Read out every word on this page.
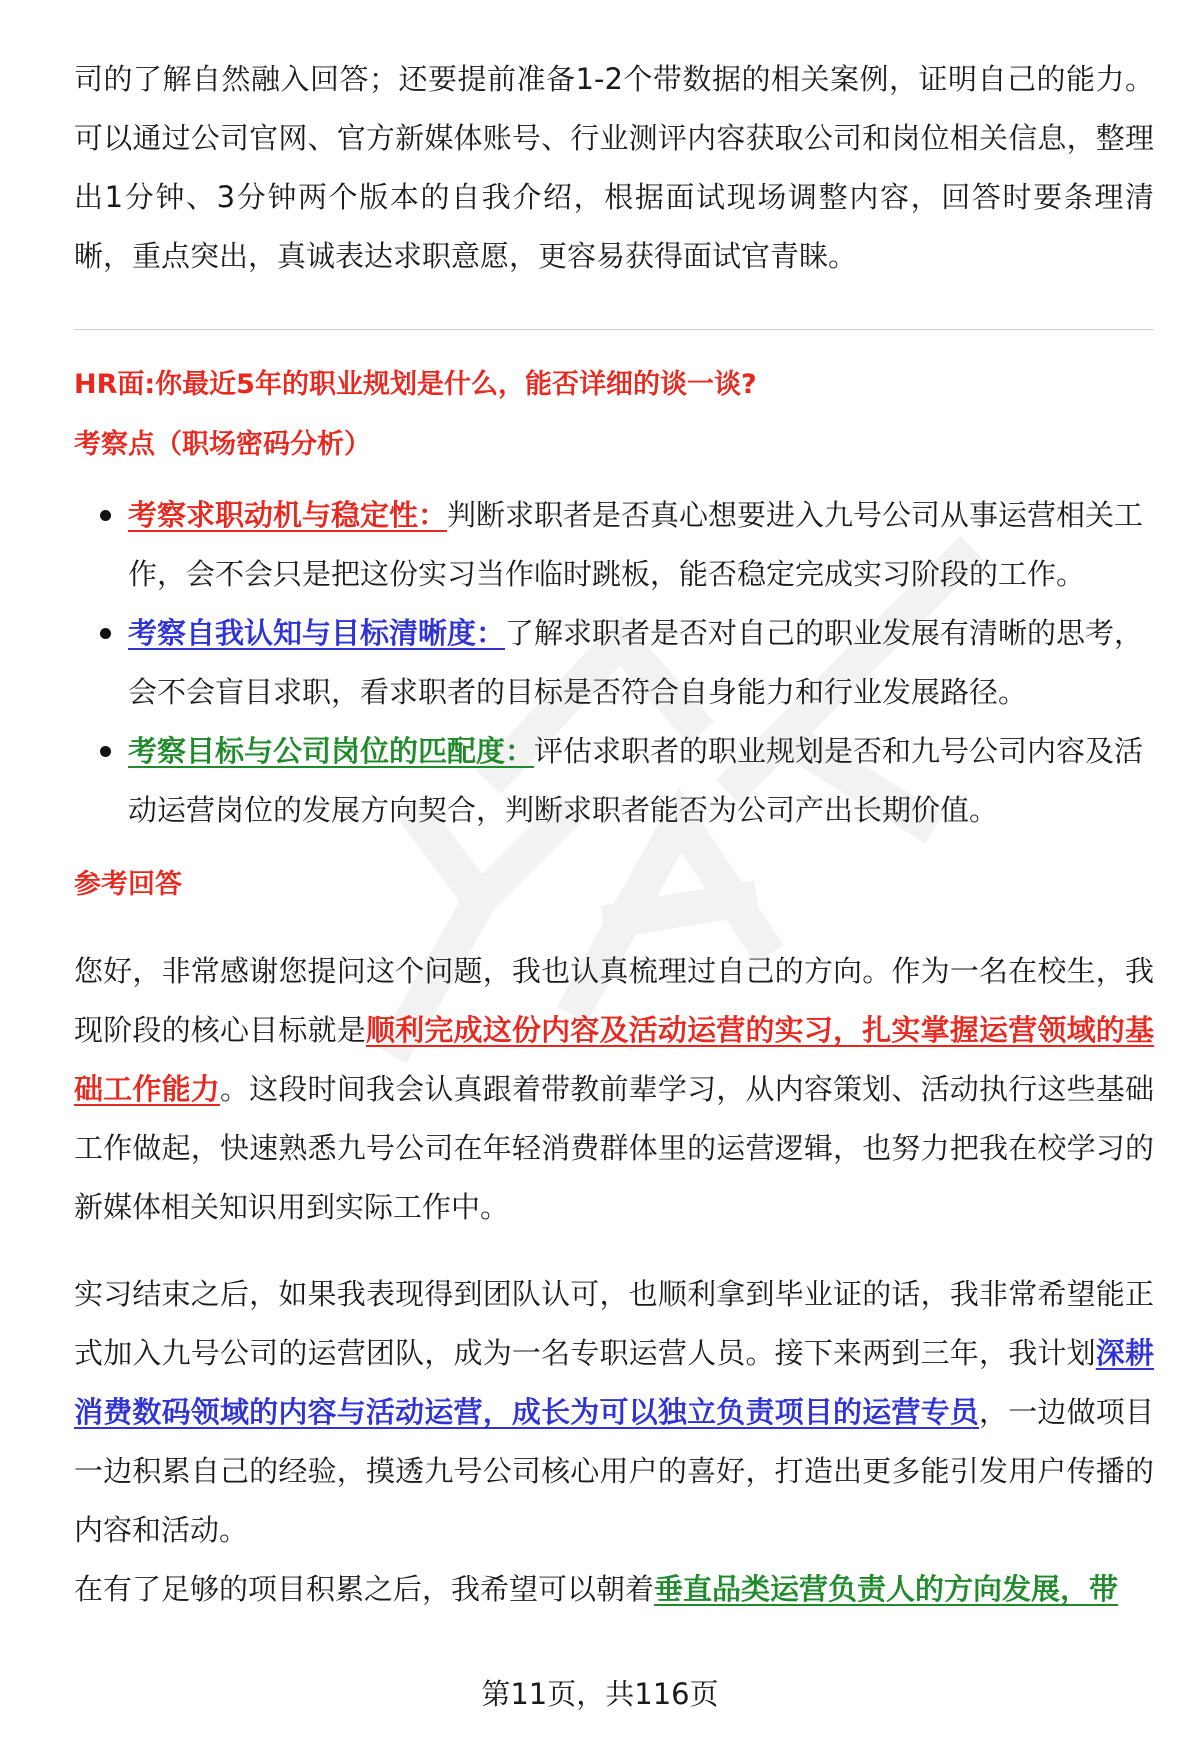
司的了解自然融入回答；还要提前准备1-2个带数据的相关案例，证明自己的能力。可以通过公司官网、官方新媒体账号、行业测评内容获取公司和岗位相关信息，整理出1分钟、3分钟两个版本的自我介绍，根据面试现场调整内容，回答时要条理清晰，重点突出，真诚表达求职意愿，更容易获得面试官青睐。

HR面:你最近5年的职业规划是什么，能否详细的谈一谈?

考察点（职场密码分析）

考察求职动机与稳定性：判断求职者是否真心想要进入九号公司从事运营相关工作，会不会只是把这份实习当作临时跳板，能否稳定完成实习阶段的工作。
考察自我认知与目标清晰度：了解求职者是否对自己的职业发展有清晰的思考，会不会盲目求职，看求职者的目标是否符合自身能力和行业发展路径。
考察目标与公司岗位的匹配度：评估求职者的职业规划是否和九号公司内容及活动运营岗位的发展方向契合，判断求职者能否为公司产出长期价值。

参考回答

您好，非常感谢您提问这个问题，我也认真梳理过自己的方向。作为一名在校生，我现阶段的核心目标就是顺利完成这份内容及活动运营的实习，扎实掌握运营领域的基础工作能力。这段时间我会认真跟着带教前辈学习，从内容策划、活动执行这些基础工作做起，快速熟悉九号公司在年轻消费群体里的运营逻辑，也努力把我在校学习的新媒体相关知识用到实际工作中。

实习结束之后，如果我表现得到团队认可，也顺利拿到毕业证的话，我非常希望能正式加入九号公司的运营团队，成为一名专职运营人员。接下来两到三年，我计划深耕消费数码领域的内容与活动运营，成长为可以独立负责项目的运营专员，一边做项目一边积累自己的经验，摸透九号公司核心用户的喜好，打造出更多能引发用户传播的内容和活动。

在有了足够的项目积累之后，我希望可以朝着垂直品类运营负责人的方向发展，带

第11页，共116页
